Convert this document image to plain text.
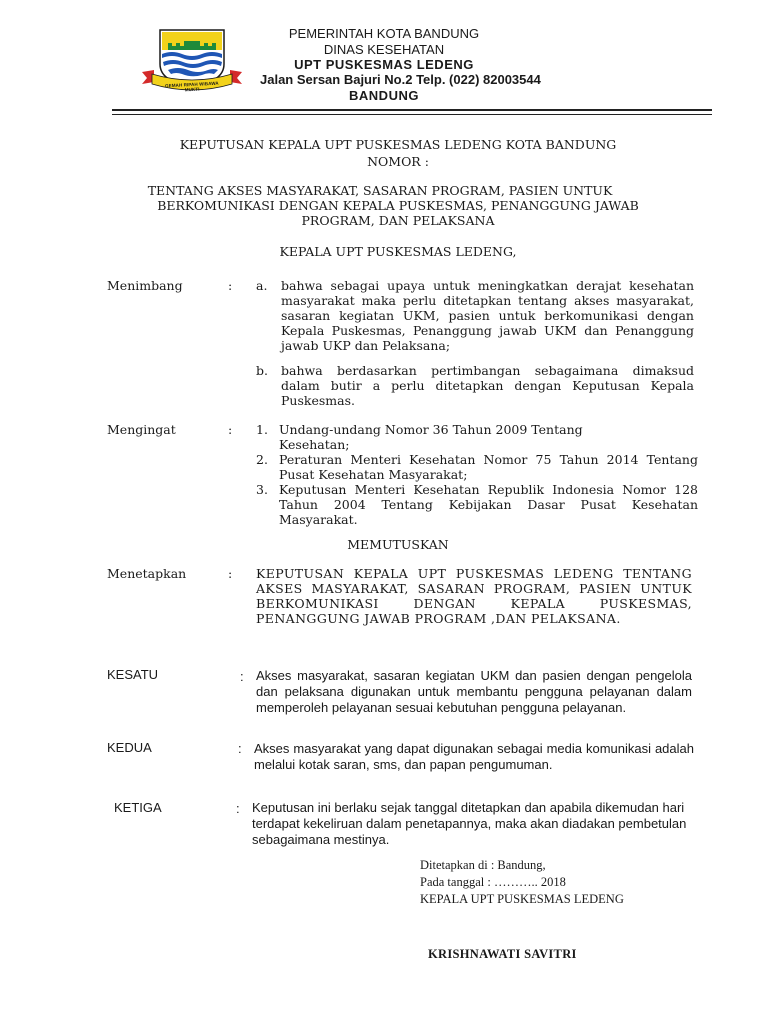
GEMAH RIPAH WIBAWA MUKTI
PEMERINTAH KOTA BANDUNG
DINAS KESEHATAN
UPT PUSKESMAS LEDENG
Jalan Sersan Bajuri No.2 Telp. (022) 82003544
BANDUNG
KEPUTUSAN KEPALA UPT PUSKESMAS LEDENG KOTA BANDUNG
NOMOR :
TENTANG AKSES MASYARAKAT, SASARAN PROGRAM, PASIEN UNTUK
BERKOMUNIKASI DENGAN KEPALA PUSKESMAS, PENANGGUNG JAWAB
PROGRAM, DAN PELAKSANA
KEPALA UPT PUSKESMAS LEDENG,
Menimbang	: a. bahwa sebagai upaya untuk meningkatkan derajat kesehatan masyarakat maka perlu ditetapkan tentang akses masyarakat, sasaran kegiatan UKM, pasien untuk berkomunikasi dengan Kepala Puskesmas, Penanggung jawab UKM dan Penanggung jawab UKP dan Pelaksana;
b. bahwa berdasarkan pertimbangan sebagaimana dimaksud dalam butir a perlu ditetapkan dengan Keputusan Kepala Puskesmas.
Mengingat	: 1. Undang-undang Nomor 36 Tahun 2009 Tentang Kesehatan;
2. Peraturan Menteri Kesehatan Nomor 75 Tahun 2014 Tentang Pusat Kesehatan Masyarakat;
3. Keputusan Menteri Kesehatan Republik Indonesia Nomor 128 Tahun 2004 Tentang Kebijakan Dasar Pusat Kesehatan Masyarakat.
MEMUTUSKAN
Menetapkan	: KEPUTUSAN KEPALA UPT PUSKESMAS LEDENG TENTANG AKSES MASYARAKAT, SASARAN PROGRAM, PASIEN UNTUK BERKOMUNIKASI DENGAN KEPALA PUSKESMAS, PENANGGUNG JAWAB PROGRAM ,DAN PELAKSANA.
KESATU	: Akses masyarakat, sasaran kegiatan UKM dan pasien dengan pengelola dan pelaksana digunakan untuk membantu pengguna pelayanan dalam memperoleh pelayanan sesuai kebutuhan pengguna pelayanan.
KEDUA	: Akses masyarakat yang dapat digunakan sebagai media komunikasi adalah melalui kotak saran, sms, dan papan pengumuman.
KETIGA	: Keputusan ini berlaku sejak tanggal ditetapkan dan apabila dikemudan hari terdapat kekeliruan dalam penetapannya, maka akan diadakan pembetulan sebagaimana mestinya.
Ditetapkan di : Bandung,
Pada tanggal : ……….. 2018
KEPALA UPT PUSKESMAS LEDENG
KRISHNAWATI SAVITRI
